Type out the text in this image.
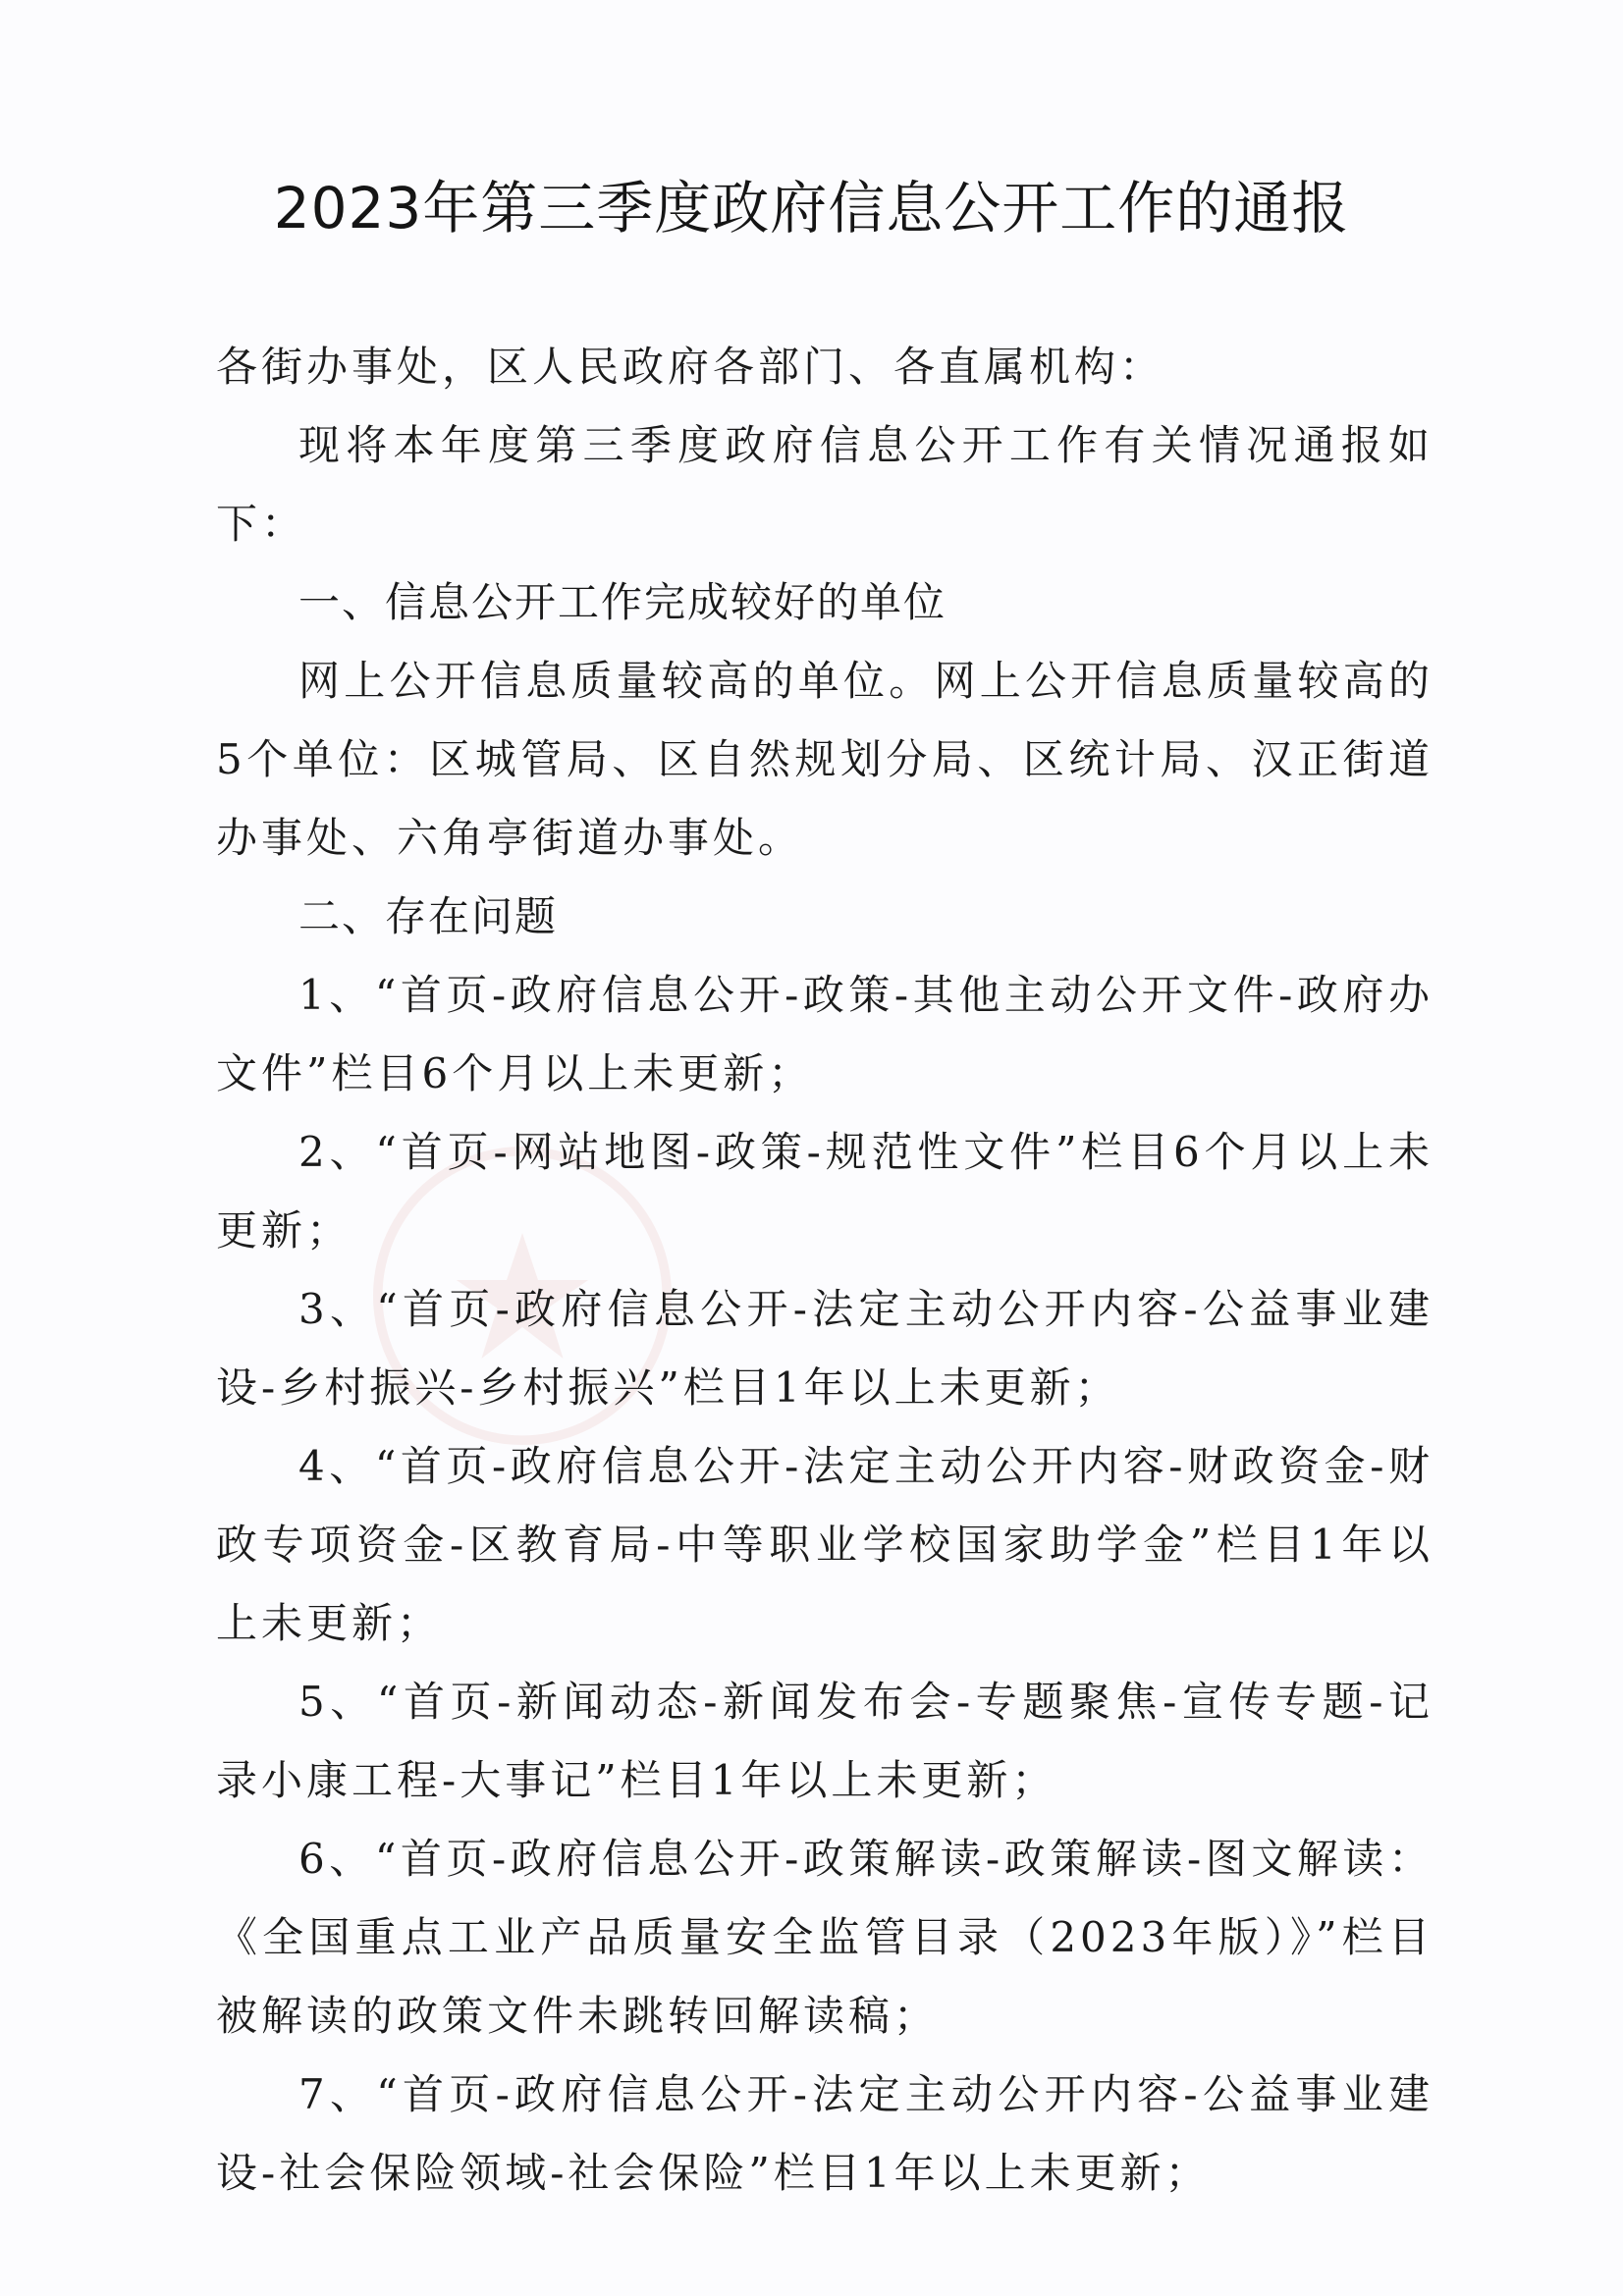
2023年第三季度政府信息公开工作的通报

各街办事处，区人民政府各部门、各直属机构：

现将本年度第三季度政府信息公开工作有关情况通报如下：

一、信息公开工作完成较好的单位

网上公开信息质量较高的单位。网上公开信息质量较高的5个单位：区城管局、区自然规划分局、区统计局、汉正街道办事处、六角亭街道办事处。

二、存在问题

1、“首页-政府信息公开-政策-其他主动公开文件-政府办文件”栏目6个月以上未更新；

2、“首页-网站地图-政策-规范性文件”栏目6个月以上未更新；

3、“首页-政府信息公开-法定主动公开内容-公益事业建设-乡村振兴-乡村振兴”栏目1年以上未更新；

4、“首页-政府信息公开-法定主动公开内容-财政资金-财政专项资金-区教育局-中等职业学校国家助学金”栏目1年以上未更新；

5、“首页-新闻动态-新闻发布会-专题聚焦-宣传专题-记录小康工程-大事记”栏目1年以上未更新；

6、“首页-政府信息公开-政策解读-政策解读-图文解读：《全国重点工业产品质量安全监管目录（2023年版）》”栏目被解读的政策文件未跳转回解读稿；

7、“首页-政府信息公开-法定主动公开内容-公益事业建设-社会保险领域-社会保险”栏目1年以上未更新；
